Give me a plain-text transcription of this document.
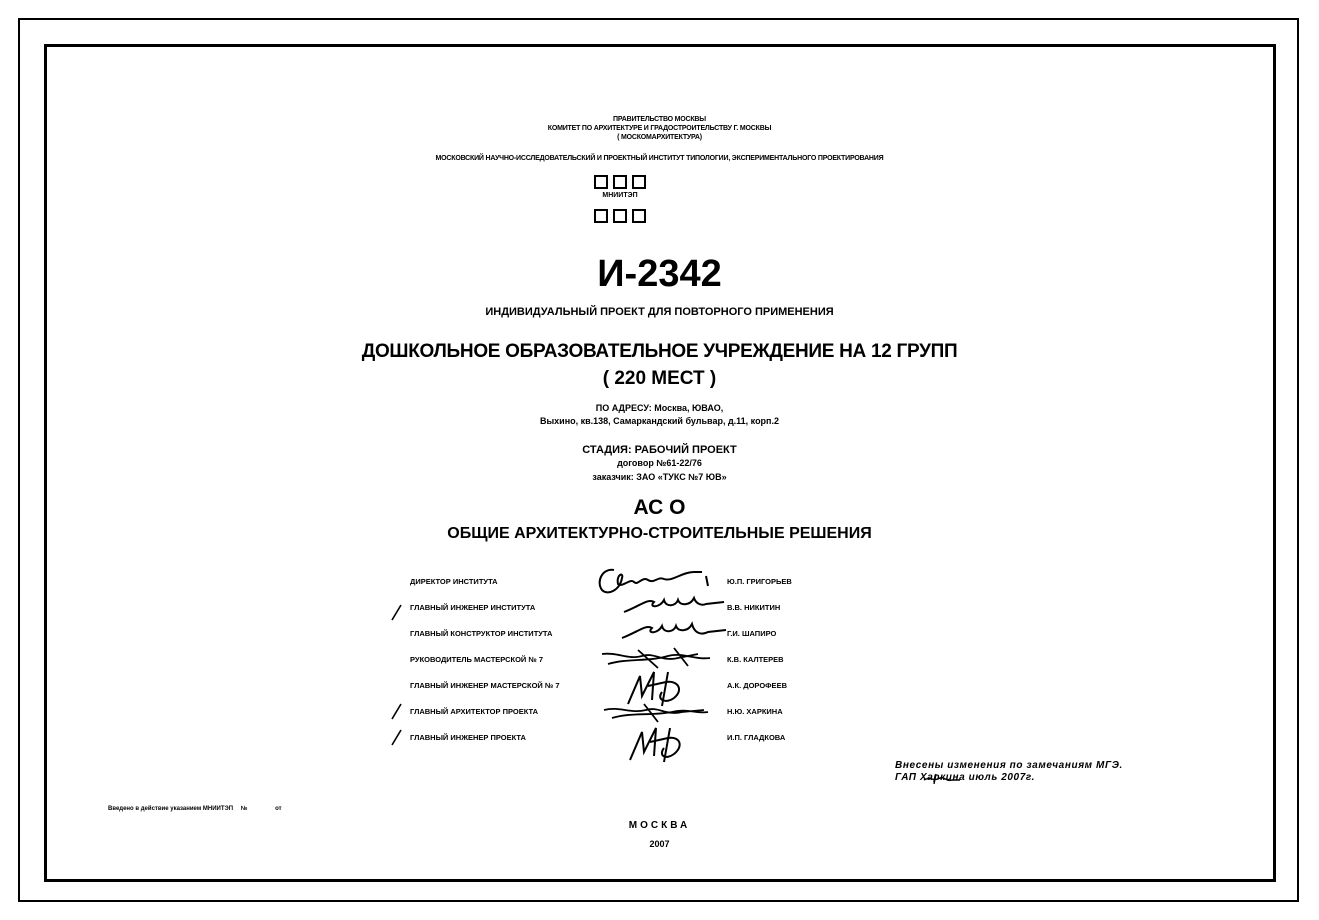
ПРАВИТЕЛЬСТВО МОСКВЫ
КОМИТЕТ ПО АРХИТЕКТУРЕ И ГРАДОСТРОИТЕЛЬСТВУ Г. МОСКВЫ
( МОСКОМАРХИТЕКТУРА)
МОСКОВСКИЙ НАУЧНО-ИССЛЕДОВАТЕЛЬСКИЙ И ПРОЕКТНЫЙ ИНСТИТУТ ТИПОЛОГИИ, ЭКСПЕРИМЕНТАЛЬНОГО ПРОЕКТИРОВАНИЯ
МНИИТЭП
И-2342
ИНДИВИДУАЛЬНЫЙ ПРОЕКТ ДЛЯ ПОВТОРНОГО ПРИМЕНЕНИЯ
ДОШКОЛЬНОЕ ОБРАЗОВАТЕЛЬНОЕ УЧРЕЖДЕНИЕ НА 12 ГРУПП
( 220 МЕСТ )
ПО АДРЕСУ: Москва, ЮВАО,
Выхино, кв.138, Самаркандский бульвар, д.11, корп.2
СТАДИЯ: РАБОЧИЙ ПРОЕКТ
договор №61-22/76
заказчик: ЗАО «ТУКС №7 ЮВ»
АС О
ОБЩИЕ АРХИТЕКТУРНО-СТРОИТЕЛЬНЫЕ РЕШЕНИЯ
ДИРЕКТОР ИНСТИТУТА	Ю.П. ГРИГОРЬЕВ
ГЛАВНЫЙ ИНЖЕНЕР ИНСТИТУТА	В.В. НИКИТИН
ГЛАВНЫЙ КОНСТРУКТОР ИНСТИТУТА	Г.И. ШАПИРО
РУКОВОДИТЕЛЬ МАСТЕРСКОЙ № 7	К.В. КАЛТЕРЕВ
ГЛАВНЫЙ ИНЖЕНЕР МАСТЕРСКОЙ № 7	А.К. ДОРОФЕЕВ
ГЛАВНЫЙ АРХИТЕКТОР ПРОЕКТА	Н.Ю. ХАРКИНА
ГЛАВНЫЙ ИНЖЕНЕР ПРОЕКТА	И.П. ГЛАДКОВА
Внесены изменения по замечаниям МГЭ.
ГАП Харкина июль 2007г.
Введено в действие указанием МНИИТЭП №	от
МОСКВА
2007
